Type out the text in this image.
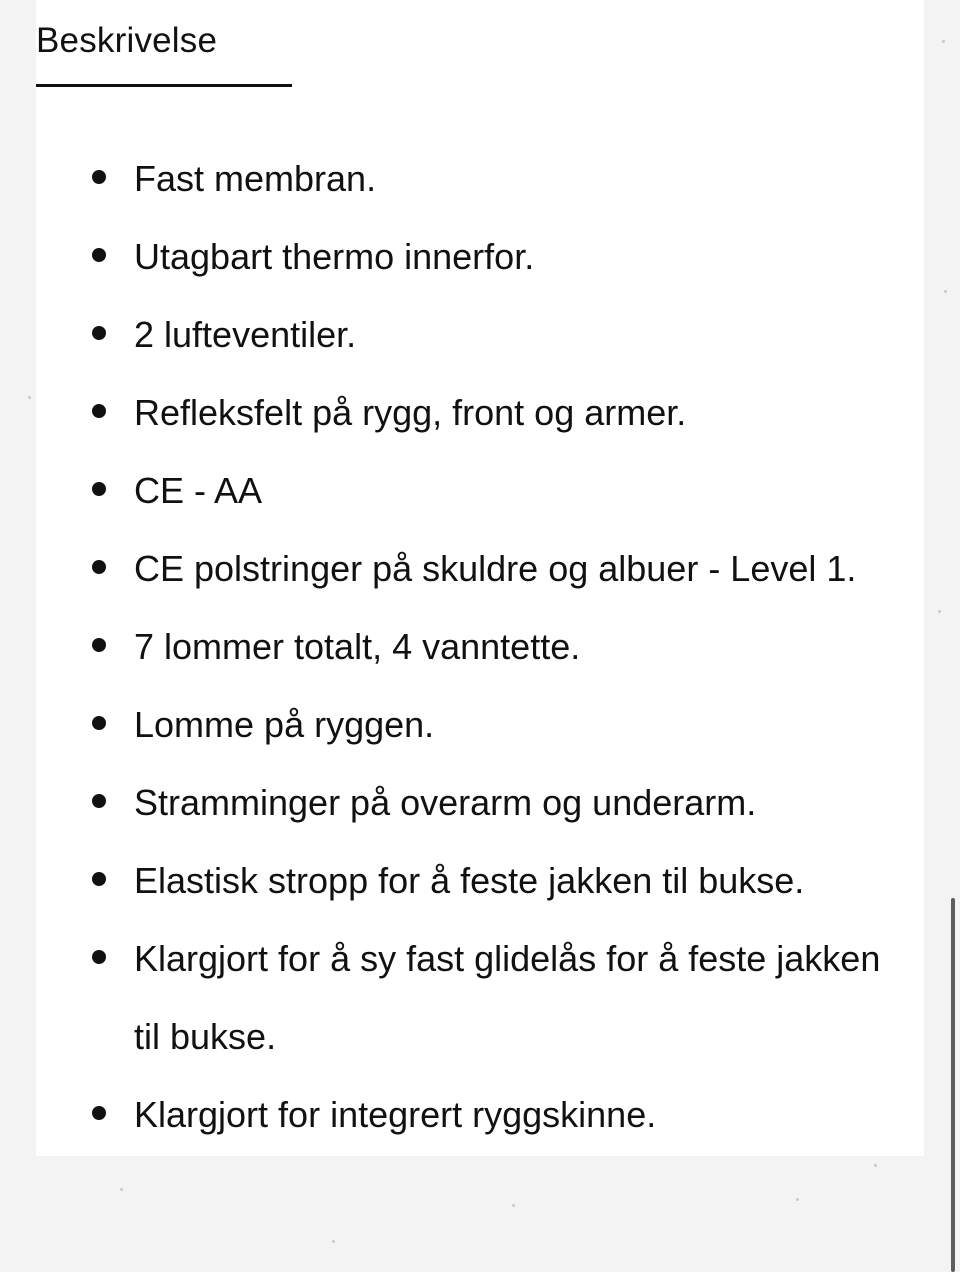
Beskrivelse
Fast membran.
Utagbart thermo innerfor.
2 lufteventiler.
Refleksfelt på rygg, front og armer.
CE - AA
CE polstringer på skuldre og albuer - Level 1.
7 lommer totalt, 4 vanntette.
Lomme på ryggen.
Stramminger på overarm og underarm.
Elastisk stropp for å feste jakken til bukse.
Klargjort for å sy fast glidelås for å feste jakken til bukse.
Klargjort for integrert ryggskinne.
